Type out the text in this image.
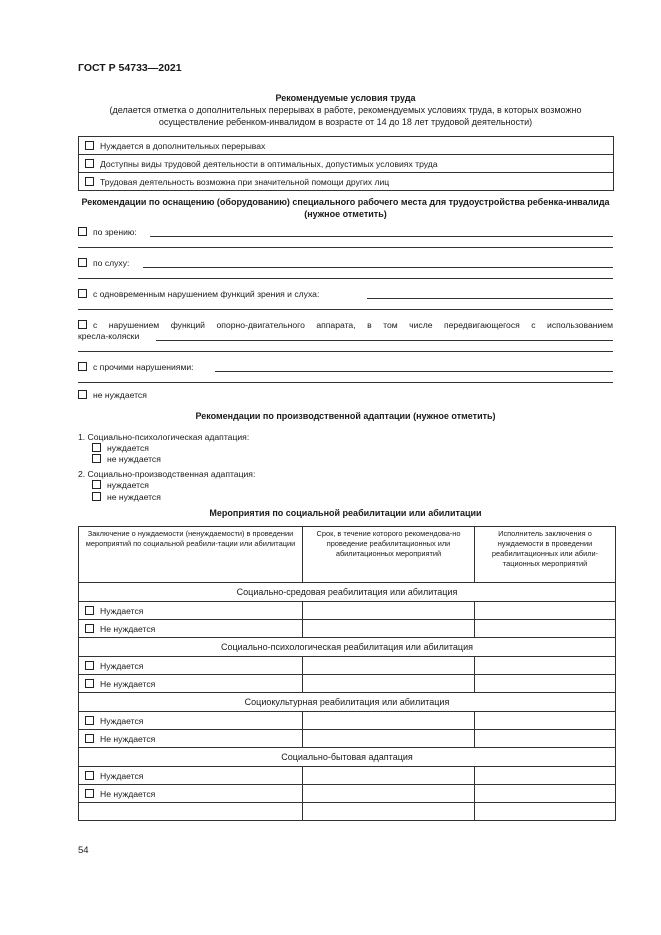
ГОСТ Р 54733—2021
Рекомендуемые условия труда
(делается отметка о дополнительных перерывах в работе, рекомендуемых условиях труда, в которых возможно осуществление ребенком-инвалидом в возрасте от 14 до 18 лет трудовой деятельности)
Нуждается в дополнительных перерывах
Доступны виды трудовой деятельности в оптимальных, допустимых условиях труда
Трудовая деятельность возможна при значительной помощи других лиц
Рекомендации по оснащению (оборудованию) специального рабочего места для трудоустройства ребенка-инвалида (нужное отметить)
по зрению:
по слуху:
с одновременным нарушением функций зрения и слуха:
с нарушением функций опорно-двигательного аппарата, в том числе передвигающегося с использованием
кресла-коляски
с прочими нарушениями:
не нуждается
Рекомендации по производственной адаптации (нужное отметить)
1. Социально-психологическая адаптация:
нуждается
не нуждается
2. Социально-производственная адаптация:
нуждается
не нуждается
Мероприятия по социальной реабилитации или абилитации
Заключение о нуждаемости (ненуждаемости) в проведении мероприятий по социальной реабили-тации или абилитации	Срок, в течение которого рекомендова-но проведение реабилитационных или абилитационных мероприятий	Исполнитель заключения о нуждаемости в проведении реабилитационных или абили-тационных мероприятий
Социально-средовая реабилитация или абилитация		
Нуждается		
Не нуждается		
Социально-психологическая реабилитация или абилитация		
Нуждается		
Не нуждается		
Социокультурная реабилитация или абилитация		
Нуждается		
Не нуждается		
Социально-бытовая адаптация		
Нуждается		
Не нуждается		

54
